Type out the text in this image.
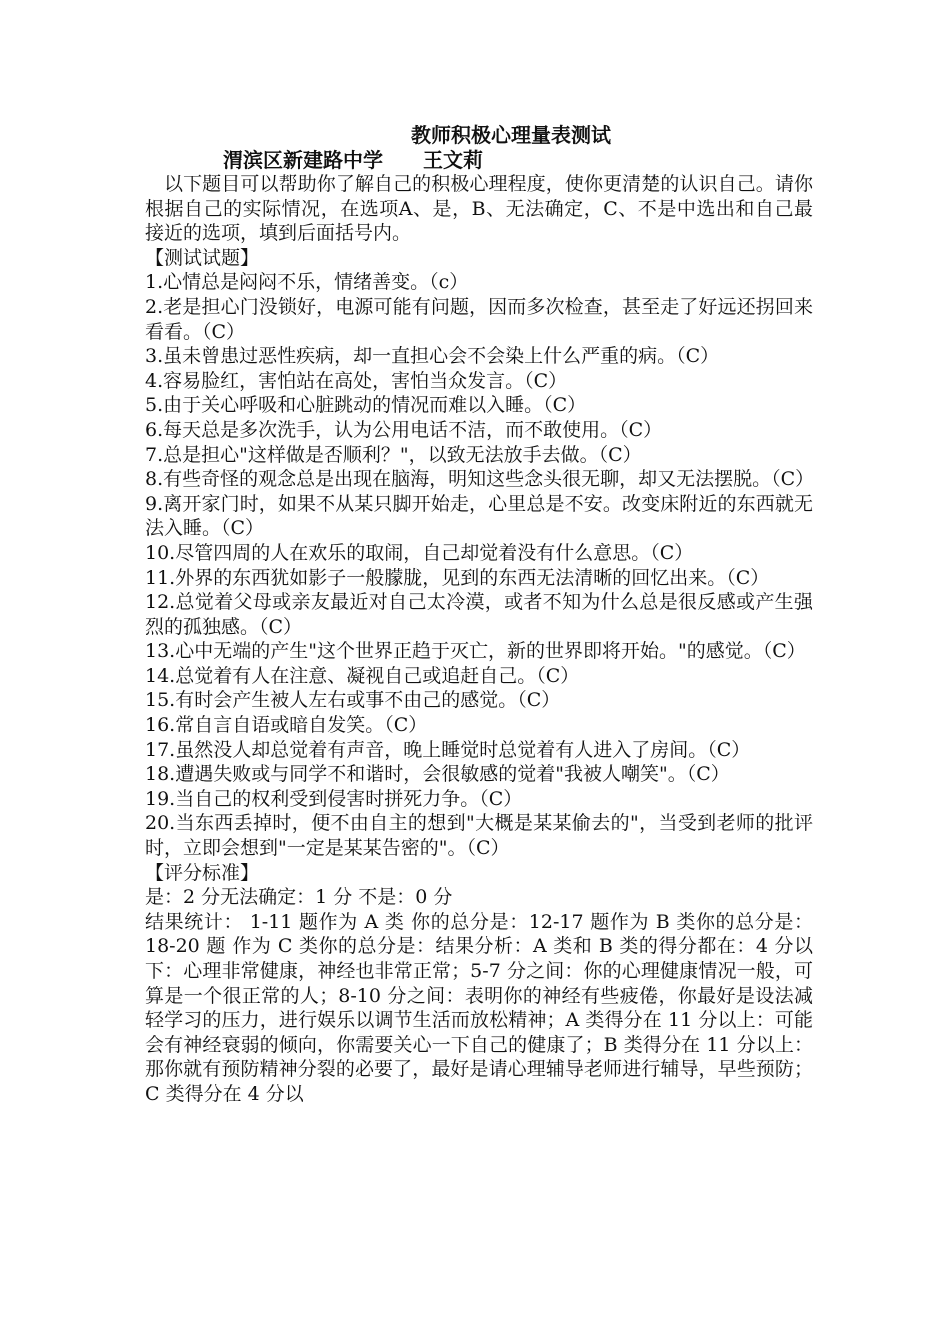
教师积极心理量表测试
渭滨区新建路中学 王文莉

以下题目可以帮助你了解自己的积极心理程度，使你更清楚的认识自己。请你根据自己的实际情况，在选项A、是，B、无法确定，C、不是中选出和自己最接近的选项，填到后面括号内。

【测试试题】

1.心情总是闷闷不乐，情绪善变。（c）

2.老是担心门没锁好，电源可能有问题，因而多次检查，甚至走了好远还拐回来看看。（C）

3.虽未曾患过恶性疾病，却一直担心会不会染上什么严重的病。（C）

4.容易脸红，害怕站在高处，害怕当众发言。（C）

5.由于关心呼吸和心脏跳动的情况而难以入睡。（C）

6.每天总是多次洗手，认为公用电话不洁，而不敢使用。（C）

7.总是担心"这样做是否顺利？"，以致无法放手去做。（C）

8.有些奇怪的观念总是出现在脑海，明知这些念头很无聊，却又无法摆脱。（C）

9.离开家门时，如果不从某只脚开始走，心里总是不安。改变床附近的东西就无法入睡。（C）

10.尽管四周的人在欢乐的取闹，自己却觉着没有什么意思。（C）

11.外界的东西犹如影子一般朦胧，见到的东西无法清晰的回忆出来。（C）

12.总觉着父母或亲友最近对自己太冷漠，或者不知为什么总是很反感或产生强烈的孤独感。（C）

13.心中无端的产生"这个世界正趋于灭亡，新的世界即将开始。"的感觉。（C）

14.总觉着有人在注意、凝视自己或追赶自己。（C）

15.有时会产生被人左右或事不由己的感觉。（C）

16.常自言自语或暗自发笑。（C）

17.虽然没人却总觉着有声音，晚上睡觉时总觉着有人进入了房间。（C）

18.遭遇失败或与同学不和谐时，会很敏感的觉着"我被人嘲笑"。（C）

19.当自己的权利受到侵害时拼死力争。（C）

20.当东西丢掉时，便不由自主的想到"大概是某某偷去的"，当受到老师的批评时，立即会想到"一定是某某告密的"。（C）

【评分标准】

是：2 分无法确定：1 分 不是：0 分

结果统计： 1-11 题作为 A 类 你的总分是：12-17 题作为 B 类你的总分是：18-20 题 作为 C 类你的总分是：结果分析：A 类和 B 类的得分都在：4 分以下：心理非常健康，神经也非常正常；5-7 分之间：你的心理健康情况一般，可算是一个很正常的人；8-10 分之间：表明你的神经有些疲倦，你最好是设法减轻学习的压力，进行娱乐以调节生活而放松精神；A 类得分在 11 分以上：可能会有神经衰弱的倾向，你需要关心一下自己的健康了；B 类得分在 11 分以上：那你就有预防精神分裂的必要了，最好是请心理辅导老师进行辅导，早些预防；C 类得分在 4 分以
